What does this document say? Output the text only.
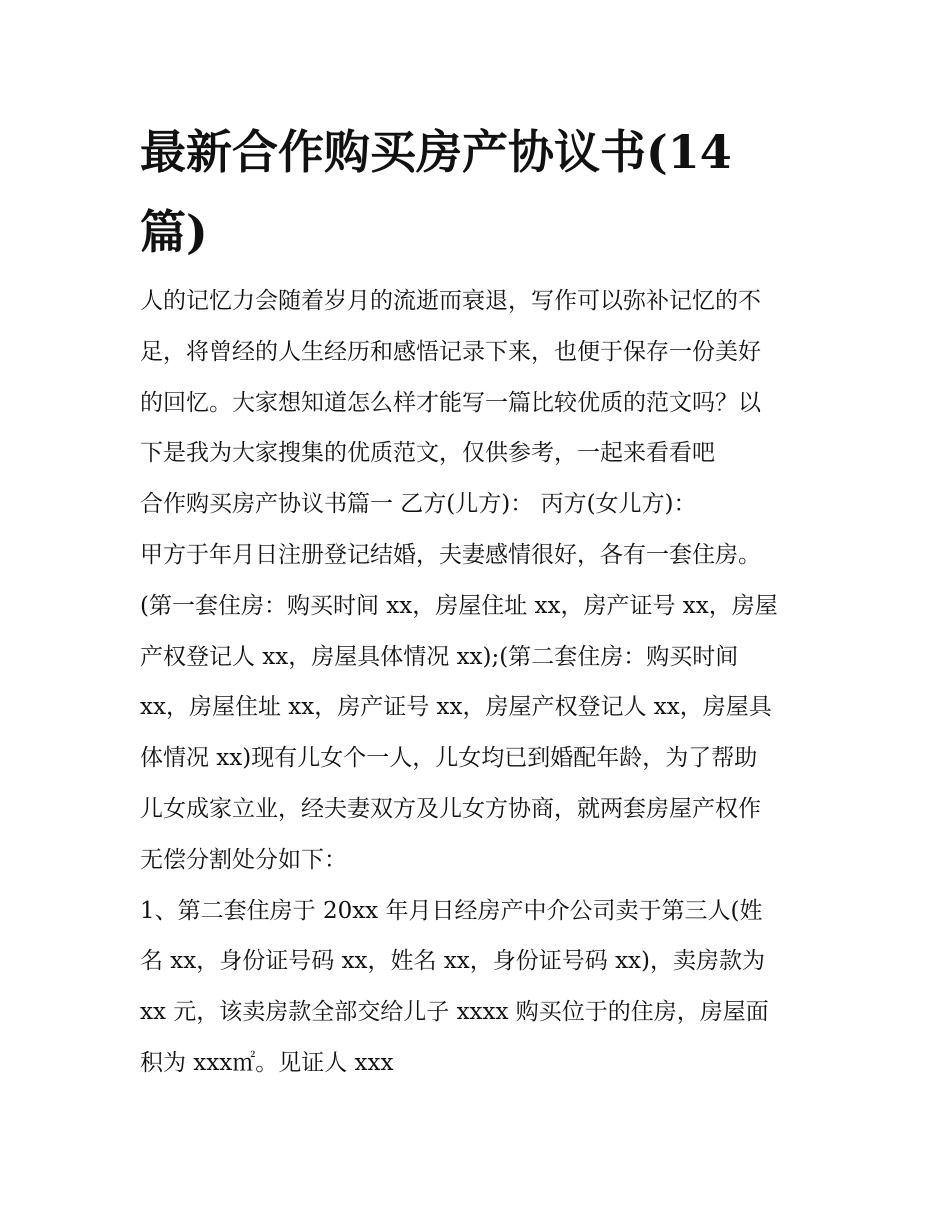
最新合作购买房产协议书(14
篇)
人的记忆力会随着岁月的流逝而衰退，写作可以弥补记忆的不
足，将曾经的人生经历和感悟记录下来，也便于保存一份美好
的回忆。大家想知道怎么样才能写一篇比较优质的范文吗？以
下是我为大家搜集的优质范文，仅供参考，一起来看看吧
合作购买房产协议书篇一 乙方(儿方)： 丙方(女儿方)：
甲方于年月日注册登记结婚，夫妻感情很好，各有一套住房。
(第一套住房：购买时间 xx，房屋住址 xx，房产证号 xx，房屋
产权登记人 xx，房屋具体情况 xx);(第二套住房：购买时间
xx，房屋住址 xx，房产证号 xx，房屋产权登记人 xx，房屋具
体情况 xx)现有儿女个一人，儿女均已到婚配年龄，为了帮助
儿女成家立业，经夫妻双方及儿女方协商，就两套房屋产权作
无偿分割处分如下：
1、第二套住房于 20xx 年月日经房产中介公司卖于第三人(姓
名 xx，身份证号码 xx，姓名 xx，身份证号码 xx)，卖房款为
xx 元，该卖房款全部交给儿子 xxxx 购买位于的住房，房屋面
积为 xxx㎡。见证人 xxx
